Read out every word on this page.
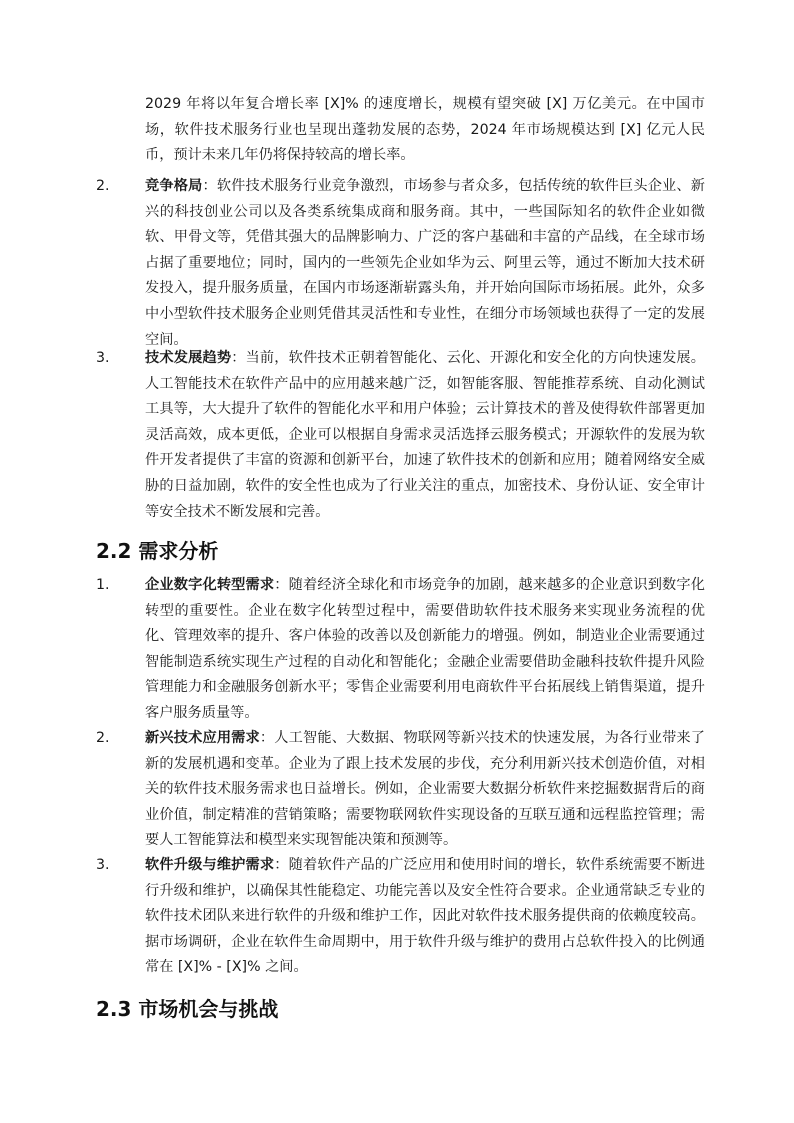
2029 年将以年复合增长率 [X]% 的速度增长，规模有望突破 [X] 万亿美元。在中国市场，软件技术服务行业也呈现出蓬勃发展的态势，2024 年市场规模达到 [X] 亿元人民币，预计未来几年仍将保持较高的增长率。

2. 竞争格局：软件技术服务行业竞争激烈，市场参与者众多，包括传统的软件巨头企业、新兴的科技创业公司以及各类系统集成商和服务商。其中，一些国际知名的软件企业如微软、甲骨文等，凭借其强大的品牌影响力、广泛的客户基础和丰富的产品线，在全球市场占据了重要地位；同时，国内的一些领先企业如华为云、阿里云等，通过不断加大技术研发投入，提升服务质量，在国内市场逐渐崭露头角，并开始向国际市场拓展。此外，众多中小型软件技术服务企业则凭借其灵活性和专业性，在细分市场领域也获得了一定的发展空间。

3. 技术发展趋势：当前，软件技术正朝着智能化、云化、开源化和安全化的方向快速发展。人工智能技术在软件产品中的应用越来越广泛，如智能客服、智能推荐系统、自动化测试工具等，大大提升了软件的智能化水平和用户体验；云计算技术的普及使得软件部署更加灵活高效，成本更低，企业可以根据自身需求灵活选择云服务模式；开源软件的发展为软件开发者提供了丰富的资源和创新平台，加速了软件技术的创新和应用；随着网络安全威胁的日益加剧，软件的安全性也成为了行业关注的重点，加密技术、身份认证、安全审计等安全技术不断发展和完善。

2.2 需求分析
1. 企业数字化转型需求：随着经济全球化和市场竞争的加剧，越来越多的企业意识到数字化转型的重要性。企业在数字化转型过程中，需要借助软件技术服务来实现业务流程的优化、管理效率的提升、客户体验的改善以及创新能力的增强。例如，制造业企业需要通过智能制造系统实现生产过程的自动化和智能化；金融企业需要借助金融科技软件提升风险管理能力和金融服务创新水平；零售企业需要利用电商软件平台拓展线上销售渠道，提升客户服务质量等。

2. 新兴技术应用需求：人工智能、大数据、物联网等新兴技术的快速发展，为各行业带来了新的发展机遇和变革。企业为了跟上技术发展的步伐，充分利用新兴技术创造价值，对相关的软件技术服务需求也日益增长。例如，企业需要大数据分析软件来挖掘数据背后的商业价值，制定精准的营销策略；需要物联网软件实现设备的互联互通和远程监控管理；需要人工智能算法和模型来实现智能决策和预测等。

3. 软件升级与维护需求：随着软件产品的广泛应用和使用时间的增长，软件系统需要不断进行升级和维护，以确保其性能稳定、功能完善以及安全性符合要求。企业通常缺乏专业的软件技术团队来进行软件的升级和维护工作，因此对软件技术服务提供商的依赖度较高。据市场调研，企业在软件生命周期中，用于软件升级与维护的费用占总软件投入的比例通常在 [X]% - [X]% 之间。

2.3 市场机会与挑战
